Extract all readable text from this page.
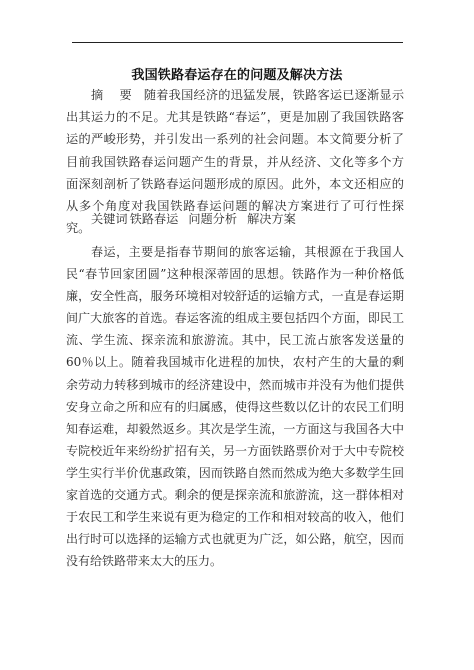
我国铁路春运存在的问题及解决方法
摘 要 随着我国经济的迅猛发展，铁路客运已逐渐显示出其运力的不足。尤其是铁路“春运”，更是加剧了我国铁路客运的严峻形势，并引发出一系列的社会问题。本文简要分析了目前我国铁路春运问题产生的背景，并从经济、文化等多个方面深刻剖析了铁路春运问题形成的原因。此外，本文还相应的从多个角度对我国铁路春运问题的解决方案进行了可行性探究。
关键词 铁路春运 问题分析 解决方案
春运，主要是指春节期间的旅客运输，其根源在于我国人民“春节回家团圆”这种根深蒂固的思想。铁路作为一种价格低廉，安全性高，服务环境相对较舒适的运输方式，一直是春运期间广大旅客的首选。春运客流的组成主要包括四个方面，即民工流、学生流、探亲流和旅游流。其中，民工流占旅客发送量的60％以上。随着我国城市化进程的加快，农村产生的大量的剩余劳动力转移到城市的经济建设中，然而城市并没有为他们提供安身立命之所和应有的归属感，使得这些数以亿计的农民工们明知春运难，却毅然返乡。其次是学生流，一方面这与我国各大中专院校近年来纷纷扩招有关，另一方面铁路票价对于大中专院校学生实行半价优惠政策，因而铁路自然而然成为绝大多数学生回家首选的交通方式。剩余的便是探亲流和旅游流，这一群体相对于农民工和学生来说有更为稳定的工作和相对较高的收入，他们出行时可以选择的运输方式也就更为广泛，如公路，航空，因而没有给铁路带来太大的压力。
